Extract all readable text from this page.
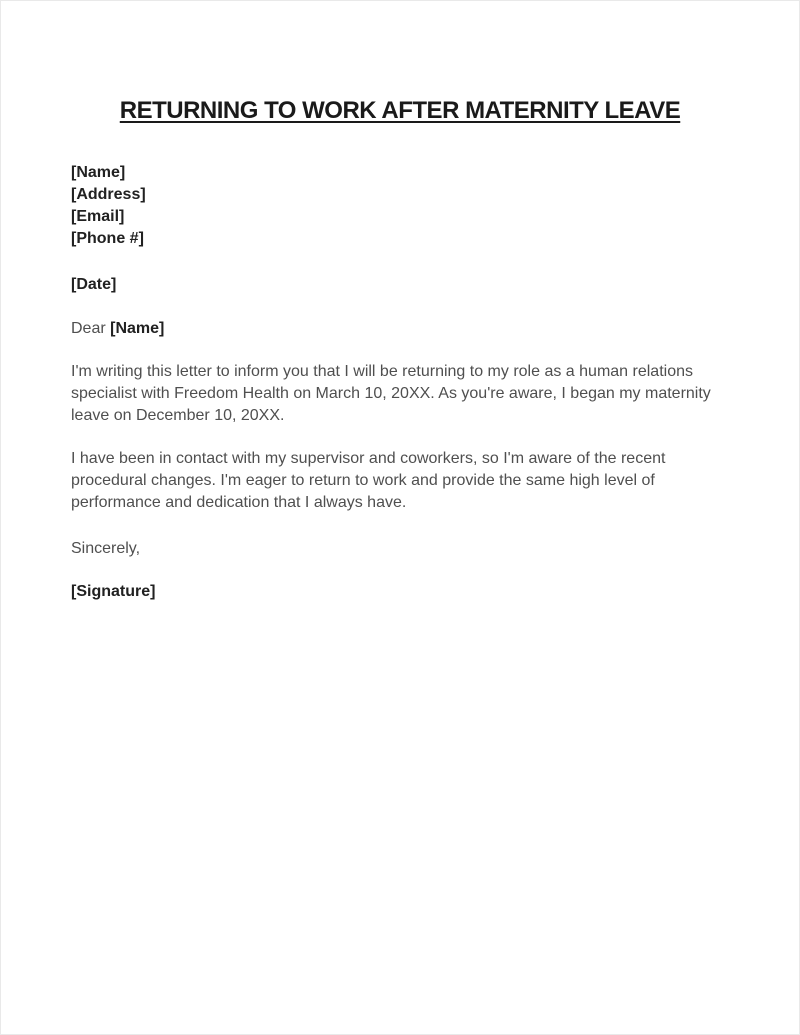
RETURNING TO WORK AFTER MATERNITY LEAVE
[Name]
[Address]
[Email]
[Phone #]
[Date]
Dear [Name]

I'm writing this letter to inform you that I will be returning to my role as a human relations specialist with Freedom Health on March 10, 20XX. As you're aware, I began my maternity leave on December 10, 20XX.

I have been in contact with my supervisor and coworkers, so I'm aware of the recent procedural changes. I'm eager to return to work and provide the same high level of performance and dedication that I always have.

Sincerely,
[Signature]
